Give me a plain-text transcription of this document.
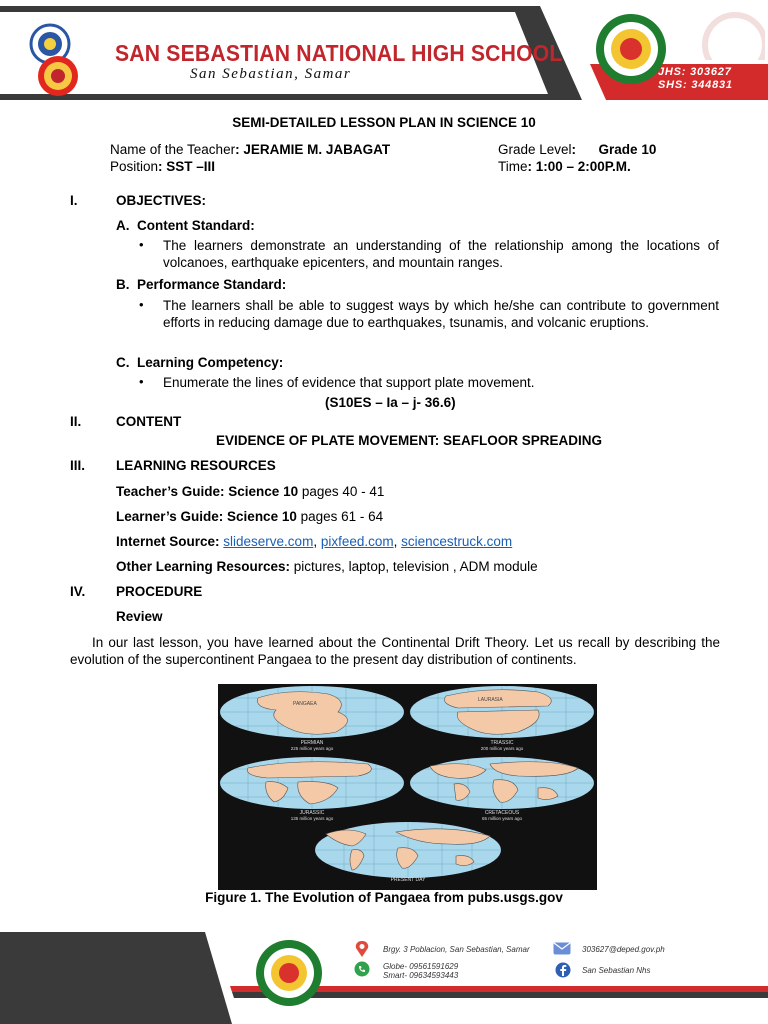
SAN SEBASTIAN NATIONAL HIGH SCHOOL
San Sebastian, Samar	JHS: 303627
SHS: 344831
SEMI-DETAILED LESSON PLAN IN SCIENCE 10
Name of the Teacher: JERAMIE M. JABAGAT
Position: SST –III
Grade Level:      Grade 10
Time: 1:00 – 2:00P.M.
I.	OBJECTIVES:
A.  Content Standard:
• The learners demonstrate an understanding of the relationship among the locations of volcanoes, earthquake epicenters, and mountain ranges.
B.  Performance Standard:
• The learners shall be able to suggest ways by which he/she can contribute to government efforts in reducing damage due to earthquakes, tsunamis, and volcanic eruptions.
C.  Learning Competency:
• Enumerate the lines of evidence that support plate movement.
(S10ES – Ia – j- 36.6)
II.	CONTENT
EVIDENCE OF PLATE MOVEMENT: SEAFLOOR SPREADING
III. LEARNING RESOURCES
Teacher’s Guide: Science 10 pages 40 - 41
Learner’s Guide: Science 10 pages 61 - 64
Internet Source: slideserve.com, pixfeed.com, sciencestruck.com
Other Learning Resources: pictures, laptop, television , ADM module
IV. PROCEDURE
Review
In our last lesson, you have learned about the Continental Drift Theory. Let us recall by describing the evolution of the supercontinent Pangaea to the present day distribution of continents.
PANGAEA
PERMIAN
225 million years ago
LAURASIA
TRIASSIC
200 million years ago
JURASSIC
135 million years ago
CRETACEOUS
65 million years ago
PRESENT DAY
Figure 1. The Evolution of Pangaea from pubs.usgs.gov
Brgy. 3 Poblacion, San Sebastian, Samar
Globe- 09561591629
Smart- 09634593443
303627@deped.gov.ph
San Sebastian Nhs
